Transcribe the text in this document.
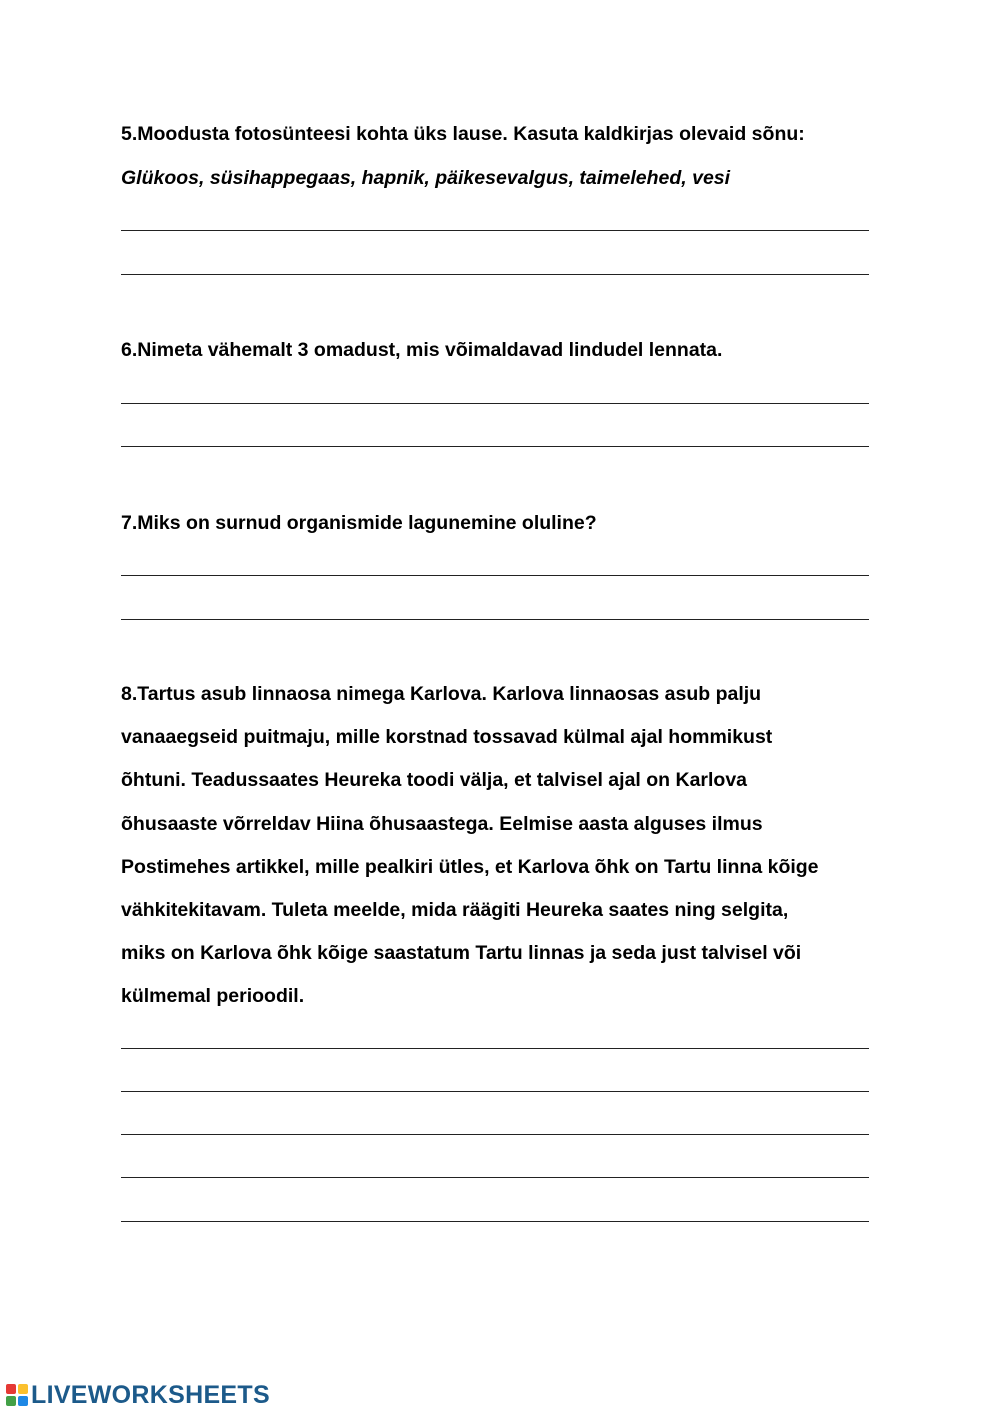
5.Moodusta fotosünteesi kohta üks lause. Kasuta kaldkirjas olevaid sõnu:

Glükoos, süsihappegaas, hapnik, päikesevalgus, taimelehed, vesi

6.Nimeta vähemalt 3 omadust, mis võimaldavad lindudel lennata.

7.Miks on surnud organismide lagunemine oluline?

8.Tartus asub linnaosa nimega Karlova. Karlova linnaosas asub palju
vanaaegseid puitmaju, mille korstnad tossavad külmal ajal hommikust
õhtuni. Teadussaates Heureka toodi välja, et talvisel ajal on Karlova
õhusaaste võrreldav Hiina õhusaastega. Eelmise aasta alguses ilmus
Postimehes artikkel, mille pealkiri ütles, et Karlova õhk on Tartu linna kõige
vähkitekitavam. Tuleta meelde, mida räägiti Heureka saates ning selgita,
miks on Karlova õhk kõige saastatum Tartu linnas ja seda just talvisel või
külmemal perioodil.
LIVEWORKSHEETS
